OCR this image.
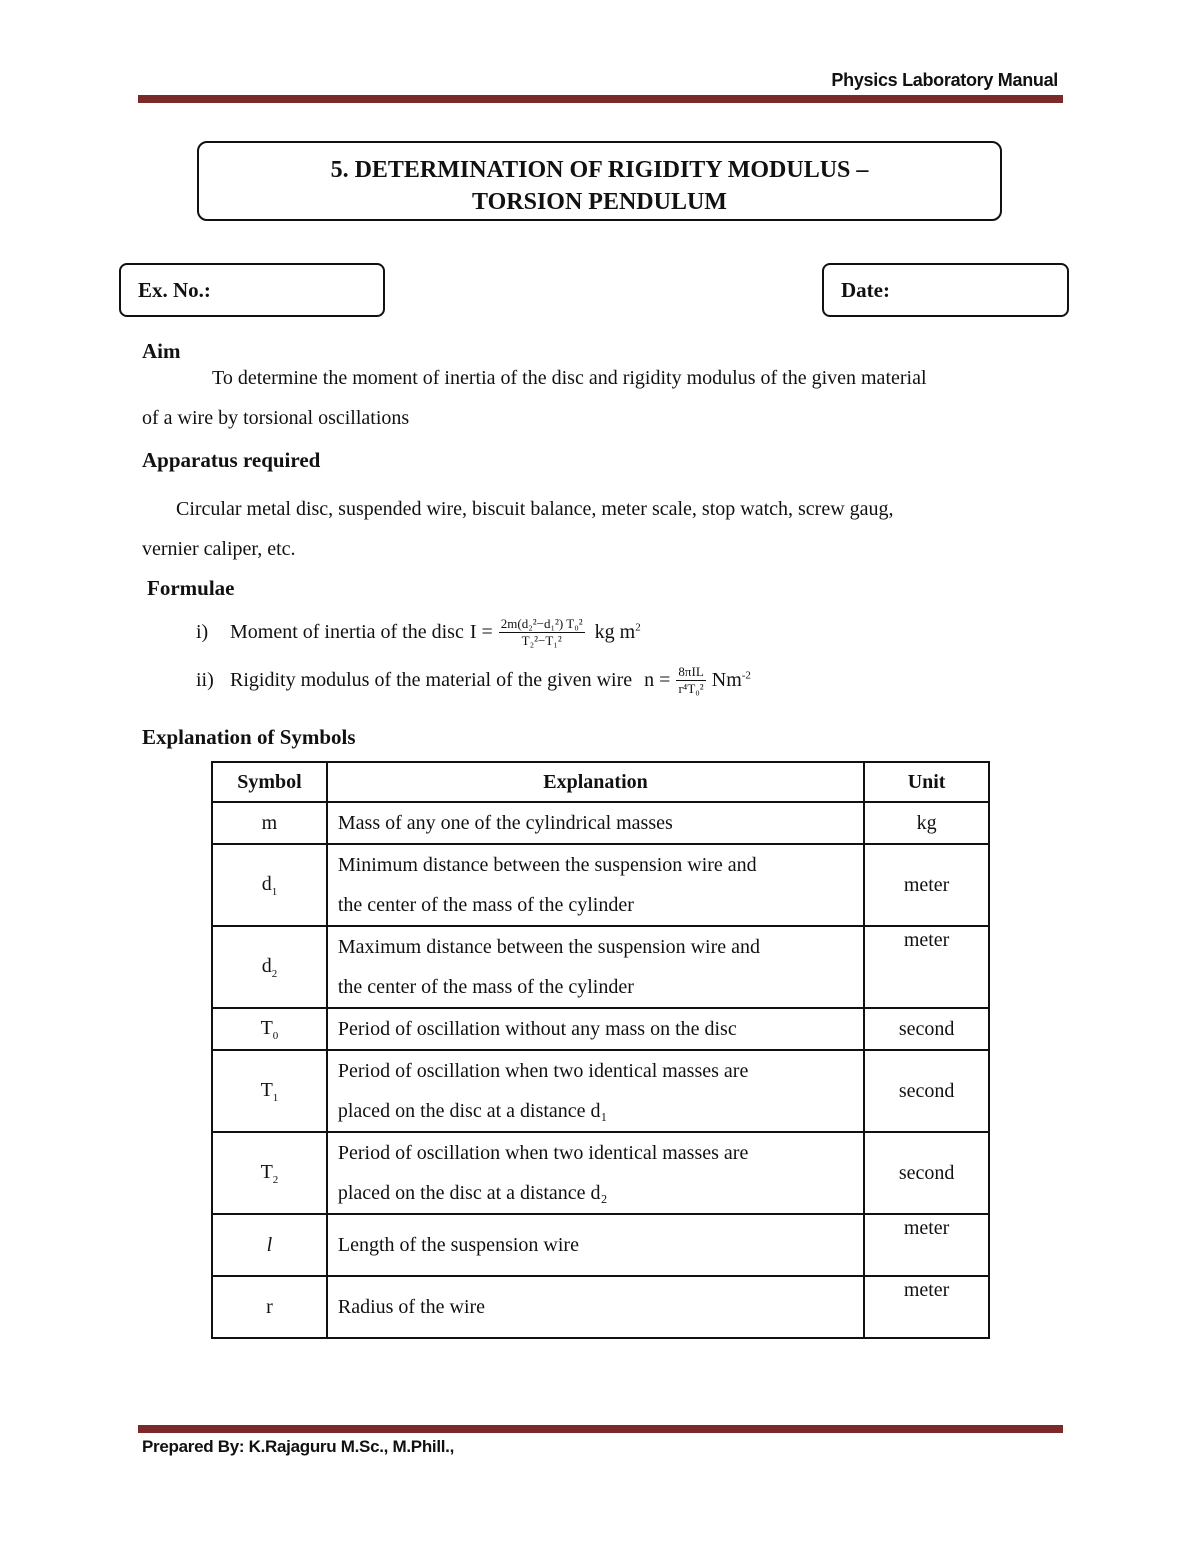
Physics Laboratory Manual
5. DETERMINATION OF RIGIDITY MODULUS –
TORSION PENDULUM
Ex. No.:	Date:
Aim
To determine the moment of inertia of the disc and rigidity modulus of the given material
of a wire by torsional oscillations
Apparatus required
Circular metal disc, suspended wire, biscuit balance, meter scale, stop watch, screw gaug,
vernier caliper, etc.
Formulae
i)	Moment of inertia of the disc $I = \frac{\text{2m(d₂²−d₁²) T₀²}}{\text{T₂²−T₁²}}$ kg $m^2$
ii) Rigidity modulus of the material of the given wire $n = \frac{\text{8πIL}}{\text{r⁴T₀²}} Nm^{-2}$
Explanation of Symbols
Symbol	Explanation	Unit
m	Mass of any one of the cylindrical masses	kg
$d_1$	Minimum distance between the suspension wire and
the center of the mass of the cylinder	meter
$d_2$	Maximum distance between the suspension wire and
the center of the mass of the cylinder	meter
$T_0$	Period of oscillation without any mass on the disc	second
$T_1$	Period of oscillation when two identical masses are
placed on the disc at a distance d₁	second
$T_2$	Period of oscillation when two identical masses are
placed on the disc at a distance d₂	second
l	Length of the suspension wire	meter
r	Radius of the wire	meter
Prepared By: K.Rajaguru M.Sc., M.Phill.,
